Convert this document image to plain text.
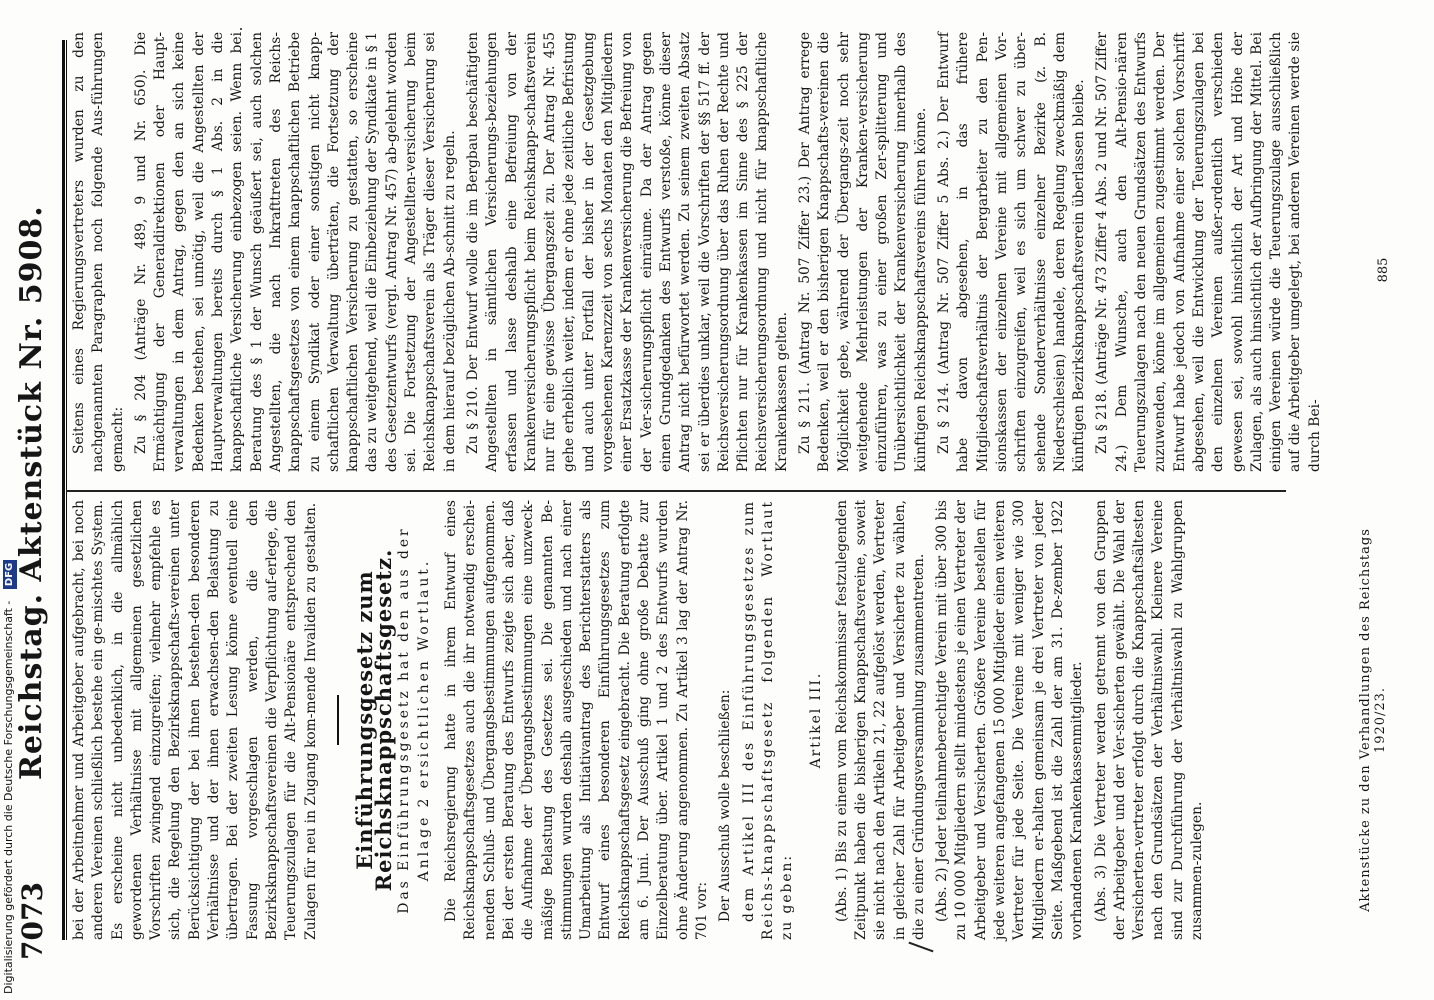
Digitalisierung gefördert durch die Deutsche Forschungsgemeinschaft - DFG
7073
Reichstag. Aktenstück Nr. 5908. bei der Arbeitnehmer und Arbeitgeber aufgebracht, bei noch anderen Vereinen schließlich bestehe ein ge-mischtes System. Es erscheine nicht unbedenklich, in die allmählich gewordenen Verhältnisse mit allgemeinen gesetzlichen Vorschriften zwingend einzugreifen; vielmehr empfehle es sich, die Regelung den Bezirksknappschafts-vereinen unter Berücksichtigung der bei ihnen bestehen-den besonderen Verhältnisse und der ihnen erwachsen-den Belastung zu übertragen. Bei der zweiten Lesung könne eventuell eine Fassung vorgeschlagen werden, die den Bezirksknappschaftsvereinen die Verpflichtung auf-erlege, die Teuerungszulagen für die Alt-Pensionäre entsprechend den Zulagen für neu in Zugang kom-mende Invaliden zu gestalten. Einführungsgesetz zum Reichsknappschaftsgesetz. Das Einführungsgesetz hat den aus der Anlage 2 ersichtlichen Wortlaut. Die Reichsregierung hatte in ihrem Entwurf eines Reichsknappschaftsgesetzes auch die ihr notwendig erschei-nenden Schluß- und Übergangsbestimmungen aufgenommen. Bei der ersten Beratung des Entwurfs zeigte sich aber, daß die Aufnahme der Übergangsbestimmungen eine unzweck-mäßige Belastung des Gesetzes sei. Die genannten Be-stimmungen wurden deshalb ausgeschieden und nach einer Umarbeitung als Initiativantrag des Berichterstatters als Entwurf eines besonderen Einführungsgesetzes zum Reichsknappschaftsgesetz eingebracht. Die Beratung erfolgte am 6. Juni. Der Ausschuß ging ohne große Debatte zur Einzelberatung über. Artikel 1 und 2 des Entwurfs wurden ohne Änderung angenommen. Zu Artikel 3 lag der Antrag Nr. 701 vor: Der Ausschuß wolle beschließen: dem Artikel III des Einführungsgesetzes zum Reichs-knappschaftsgesetz folgenden Wortlaut zu geben:

Artikel III. (Abs. 1) Bis zu einem vom Reichskommissar festzulegenden Zeitpunkt haben die bisherigen Knappschaftsvereine, soweit sie nicht nach den Artikeln 21, 22 aufgelöst werden, Vertreter in gleicher Zahl für Arbeitgeber und Versicherte zu wählen, die zu einer Gründungsversammlung zusammentreten. (Abs. 2) Jeder teilnahmeberechtigte Verein mit über 300 bis zu 10 000 Mitgliedern stellt mindestens je einen Vertreter der Arbeitgeber und Versicherten. Größere Vereine bestellen für jede weiteren angefangenen 15 000 Mitglieder einen weiteren Vertreter für jede Seite. Die Vereine mit weniger wie 300 Mitgliedern er-halten gemeinsam je drei Vertreter von jeder Seite. Maßgebend ist die Zahl der am 31. De-zember 1922 vorhandenen Krankenkassenmitglieder. (Abs. 3) Die Vertreter werden getrennt von den Gruppen der Arbeitgeber und der Ver-sicherten gewählt. Die Wahl der Versicherten-vertreter erfolgt durch die Knappschaftsältesten nach den Grundsätzen der Verhältniswahl. Kleinere Vereine sind zur Durchführung der Verhältniswahl zu Wahlgruppen zusammen-zulegen.

Seitens eines Regierungsvertreters wurden zu den nachgenannten Paragraphen noch folgende Aus-führungen gemacht: Zu § 204 (Anträge Nr. 489, 9 und Nr. 650). Die Ermächtigung der Generaldirektionen oder Haupt-verwaltungen in dem Antrag, gegen den an sich keine Bedenken bestehen, sei unnötig, weil die Angestellten der Hauptverwaltungen bereits durch § 1 Abs. 2 in die knappschaftliche Versicherung einbezogen seien. Wenn bei Beratung des § 1 der Wunsch geäußert sei, auch solchen Angestellten, die nach Inkrafttreten des Reichs-knappschaftsgesetzes von einem knappschaftlichen Betriebe zu einem Syndikat oder einer sonstigen nicht knapp-schaftlichen Verwaltung überträten, die Fortsetzung der knappschaftlichen Versicherung zu gestatten, so erscheine das zu weitgehend, weil die Einbeziehung der Syndikate in § 1 des Gesetzentwurfs (vergl. Antrag Nr. 457) ab-gelehnt worden sei. Die Fortsetzung der Angestellten-versicherung beim Reichsknappschaftsverein als Träger dieser Versicherung sei in dem hierauf bezüglichen Ab-schnitt zu regeln. Zu § 210. Der Entwurf wolle die im Bergbau beschäftigten Angestellten in sämtlichen Versicherungs-beziehungen erfassen und lasse deshalb eine Befreiung von der Krankenversicherungspflicht beim Reichsknapp-schaftsverein nur für eine gewisse Übergangszeit zu. Der Antrag Nr. 455 gehe erheblich weiter, indem er ohne jede zeitliche Befristung und auch unter Fortfall der bisher in der Gesetzgebung vorgesehenen Karenzzeit von sechs Monaten den Mitgliedern einer Ersatzkasse der Krankenversicherung die Befreiung von der Ver-sicherungspflicht einräume. Da der Antrag gegen einen Grundgedanken des Entwurfs verstoße, könne dieser Antrag nicht befürwortet werden. Zu seinem zweiten Absatz sei er überdies unklar, weil die Vorschriften der §§ 517 ff. der Reichsversicherungsordnung über das Ruhen der Rechte und Pflichten nur für Krankenkassen im Sinne des § 225 der Reichsversicherungsordnung und nicht für knappschaftliche Krankenkassen gelten. Zu § 211. (Antrag Nr. 507 Ziffer 23.) Der Antrag errege Bedenken, weil er den bisherigen Knappschafts-vereinen die Möglichkeit gebe, während der Übergangs-zeit noch sehr weitgehende Mehrleistungen der Kranken-versicherung einzuführen, was zu einer großen Zer-splitterung und Unübersichtlichkeit der Krankenversicherung innerhalb des künftigen Reichsknappschaftsvereins führen könne. Zu § 214. (Antrag Nr. 507 Ziffer 5 Abs. 2.) Der Entwurf habe davon abgesehen, in das frühere Mitgliedschaftsverhältnis der Bergarbeiter zu den Pen-sionskassen der einzelnen Vereine mit allgemeinen Vor-schriften einzugreifen, weil es sich um schwer zu über-sehende Sonderverhältnisse einzelner Bezirke (z. B. Niederschlesien) handele, deren Regelung zweckmäßig dem künftigen Bezirksknappschaftsverein überlassen bleibe. Zu § 218. (Anträge Nr. 473 Ziffer 4 Abs. 2 und Nr. 507 Ziffer 24.) Dem Wunsche, auch den Alt-Pensio-nären Teuerungszulagen nach den neuen Grundsätzen des Entwurfs zuzuwenden, könne im allgemeinen zugestimmt werden. Der Entwurf habe jedoch von Aufnahme einer solchen Vorschrift abgesehen, weil die Entwicklung der Teuerungszulagen bei den einzelnen Vereinen außer-ordentlich verschieden gewesen sei, sowohl hinsichtlich der Art und Höhe der Zulagen, als auch hinsichtlich der Aufbringung der Mittel. Bei einigen Vereinen würde die Teuerungszulage ausschließlich auf die Arbeitgeber umgelegt, bei anderen Vereinen werde sie durch Bei-

Aktenstücke zu den Verhandlungen des Reichstags 1920/23.
885
